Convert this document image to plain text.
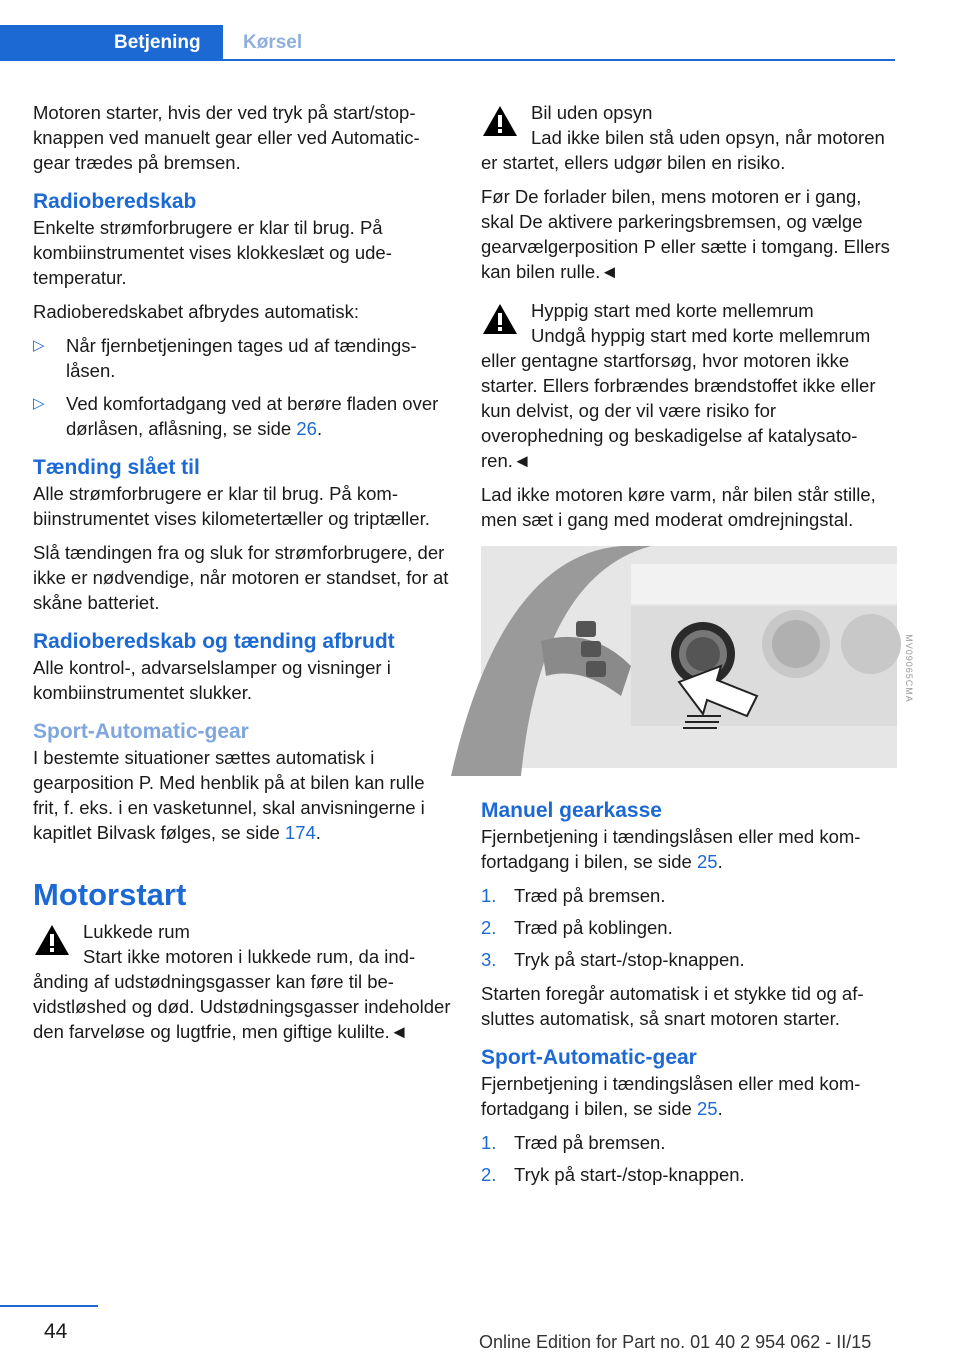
Betjening	Kørsel

Motoren starter, hvis der ved tryk på start/stop-knappen ved manuelt gear eller ved Automatic-gear trædes på bremsen.

Radioberedskab

Enkelte strømforbrugere er klar til brug. På kombiinstrumentet vises klokkeslæt og udetemperatur.

Radioberedskabet afbrydes automatisk:

▷ Når fjernbetjeningen tages ud af tændingslåsen.
▷ Ved komfortadgang ved at berøre fladen over dørlåsen, aflåsning, se side 26.
Tænding slået til

Alle strømforbrugere er klar til brug. På kombiinstrumentet vises kilometertæller og triptæller.

Slå tændingen fra og sluk for strømforbrugere, der ikke er nødvendige, når motoren er standset, for at skåne batteriet.

Radioberedskab og tænding afbrudt

Alle kontrol-, advarselslamper og visninger i kombiinstrumentet slukker.

Sport-Automatic-gear

I bestemte situationer sættes automatisk i gearposition P. Med henblik på at bilen kan rulle frit, f. eks. i en vasketunnel, skal anvisningerne i kapitlet Bilvask følges, se side 174.

Motorstart
Lukkede rum
Start ikke motoren i lukkede rum, da indånding af udstødningsgasser kan føre til bevidstløshed og død. Udstødningsgasser indeholder den farveløse og lugtfrie, men giftige kulilte.◄
Bil uden opsyn
Lad ikke bilen stå uden opsyn, når motoren er startet, ellers udgør bilen en risiko.

Før De forlader bilen, mens motoren er i gang, skal De aktivere parkeringsbremsen, og vælge gearvælgerposition P eller sætte i tomgang. Ellers kan bilen rulle.◄

Hyppig start med korte mellemrum
Undgå hyppig start med korte mellemrum eller gentagne startforsøg, hvor motoren ikke starter. Ellers forbrændes brændstoffet ikke eller kun delvist, og der vil være risiko for overophedning og beskadigelse af katalysatoren.◄

Lad ikke motoren køre varm, når bilen står stille, men sæt i gang med moderat omdrejningstal.

MV09065CMA
Manuel gearkasse

Fjernbetjening i tændingslåsen eller med komfortadgang i bilen, se side 25.

1. Træd på bremsen.
2. Træd på koblingen.
3. Tryk på start-/stop-knappen.

Starten foregår automatisk i et stykke tid og afsluttes automatisk, så snart motoren starter.

Sport-Automatic-gear

Fjernbetjening i tændingslåsen eller med komfortadgang i bilen, se side 25.

1. Træd på bremsen.
2. Tryk på start-/stop-knappen.
44	Online Edition for Part no. 01 40 2 954 062 - II/15
